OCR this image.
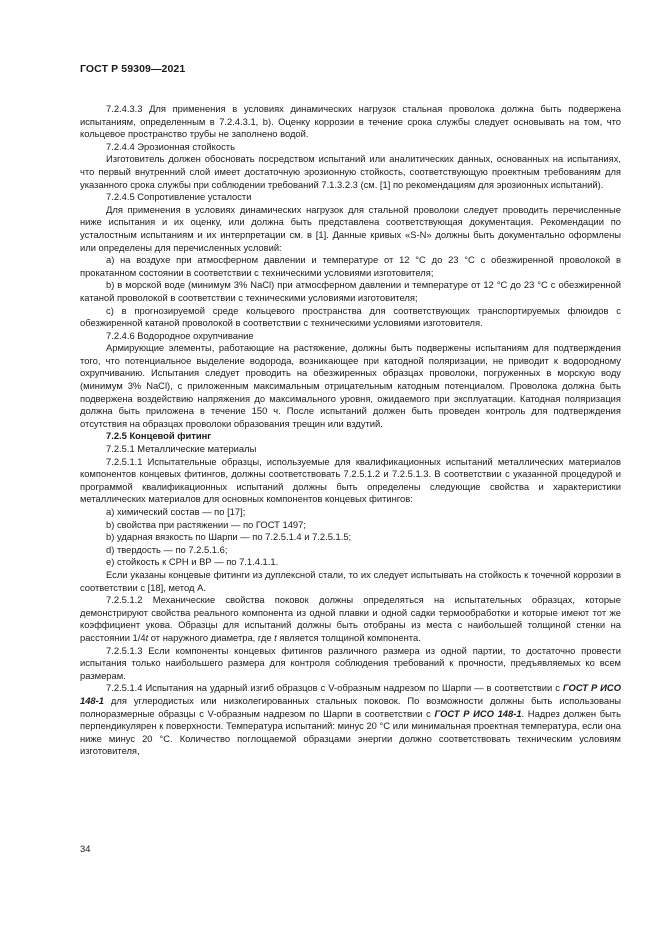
ГОСТ Р 59309—2021

7.2.4.3.3 Для применения в условиях динамических нагрузок стальная проволока должна быть подвержена испытаниям, определенным в 7.2.4.3.1, b). Оценку коррозии в течение срока службы следует основывать на том, что кольцевое пространство трубы не заполнено водой.

7.2.4.4 Эрозионная стойкость

Изготовитель должен обосновать посредством испытаний или аналитических данных, основанных на испытаниях, что первый внутренний слой имеет достаточную эрозионную стойкость, соответствующую проектным требованиям для указанного срока службы при соблюдении требований 7.1.3.2.3 (см. [1] по рекомендациям для эрозионных испытаний).

7.2.4.5 Сопротивление усталости

Для применения в условиях динамических нагрузок для стальной проволоки следует проводить перечисленные ниже испытания и их оценку, или должна быть представлена соответствующая документация. Рекомендации по усталостным испытаниям и их интерпретации см. в [1]. Данные кривых «S-N» должны быть документально оформлены или определены для перечисленных условий:

a) на воздухе при атмосферном давлении и температуре от 12 °C до 23 °C с обезжиренной проволокой в прокатанном состоянии в соответствии с техническими условиями изготовителя;

b) в морской воде (минимум 3% NaCl) при атмосферном давлении и температуре от 12 °C до 23 °C с обезжиренной катаной проволокой в соответствии с техническими условиями изготовителя;

c) в прогнозируемой среде кольцевого пространства для соответствующих транспортируемых флюидов с обезжиренной катаной проволокой в соответствии с техническими условиями изготовителя.

7.2.4.6 Водородное охрупчивание

Армирующие элементы, работающие на растяжение, должны быть подвержены испытаниям для подтверждения того, что потенциальное выделение водорода, возникающее при катодной поляризации, не приводит к водородному охрупчиванию. Испытания следует проводить на обезжиренных образцах проволоки, погруженных в морскую воду (минимум 3% NaCl), с приложенным максимальным отрицательным катодным потенциалом. Проволока должна быть подвержена воздействию напряжения до максимального уровня, ожидаемого при эксплуатации. Катодная поляризация должна быть приложена в течение 150 ч. После испытаний должен быть проведен контроль для подтверждения отсутствия на образцах проволоки образования трещин или вздутий.

7.2.5 Концевой фитинг

7.2.5.1 Металлические материалы

7.2.5.1.1 Испытательные образцы, используемые для квалификационных испытаний металлических материалов компонентов концевых фитингов, должны соответствовать 7.2.5.1.2 и 7.2.5.1.3. В соответствии с указанной процедурой и программой квалификационных испытаний должны быть определены следующие свойства и характеристики металлических материалов для основных компонентов концевых фитингов:

a) химический состав — по [17];

b) свойства при растяжении — по ГОСТ 1497;

b) ударная вязкость по Шарпи — по 7.2.5.1.4 и 7.2.5.1.5;

d) твердость — по 7.2.5.1.6;

e) стойкость к СРН и ВР — по 7.1.4.1.1.

Если указаны концевые фитинги из дуплексной стали, то их следует испытывать на стойкость к точечной коррозии в соответствии с [18], метод А.

7.2.5.1.2 Механические свойства поковок должны определяться на испытательных образцах, которые демонстрируют свойства реального компонента из одной плавки и одной садки термообработки и которые имеют тот же коэффициент укова. Образцы для испытаний должны быть отобраны из места с наибольшей толщиной стенки на расстоянии 1/4t от наружного диаметра, где t является толщиной компонента.

7.2.5.1.3 Если компоненты концевых фитингов различного размера из одной партии, то достаточно провести испытания только наибольшего размера для контроля соблюдения требований к прочности, предъявляемых ко всем размерам.

7.2.5.1.4 Испытания на ударный изгиб образцов с V-образным надрезом по Шарпи — в соответствии с ГОСТ Р ИСО 148-1 для углеродистых или низколегированных стальных поковок. По возможности должны быть использованы полноразмерные образцы с V-образным надрезом по Шарпи в соответствии с ГОСТ Р ИСО 148-1. Надрез должен быть перпендикулярен к поверхности. Температура испытаний: минус 20 °C или минимальная проектная температура, если она ниже минус 20 °C. Количество поглощаемой образцами энергии должно соответствовать техническим условиям изготовителя,

34
